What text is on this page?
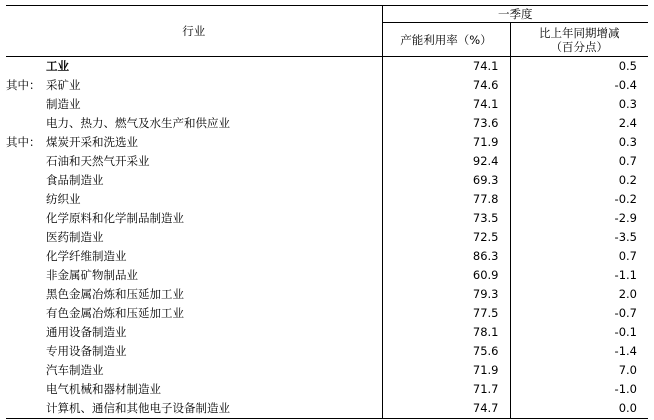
行业	一季度	
	产能利用率（%）	比上年同期增减
（百分点）

工业	74.1	0.5

其中： 采矿业	74.6	-0.4

制造业	74.1	0.3

电力、热力、燃气及水生产和供应业	73.6	2.4

其中： 煤炭开采和洗选业	71.9	0.3

石油和天然气开采业	92.4	0.7

食品制造业	69.3	0.2

纺织业	77.8	-0.2

化学原料和化学制品制造业	73.5	-2.9

医药制造业	72.5	-3.5

化学纤维制造业	86.3	0.7

非金属矿物制品业	60.9	-1.1

黑色金属冶炼和压延加工业	79.3	2.0

有色金属冶炼和压延加工业	77.5	-0.7

通用设备制造业	78.1	-0.1

专用设备制造业	75.6	-1.4

汽车制造业	71.9	7.0

电气机械和器材制造业	71.7	-1.0

计算机、通信和其他电子设备制造业	74.7	0.0
